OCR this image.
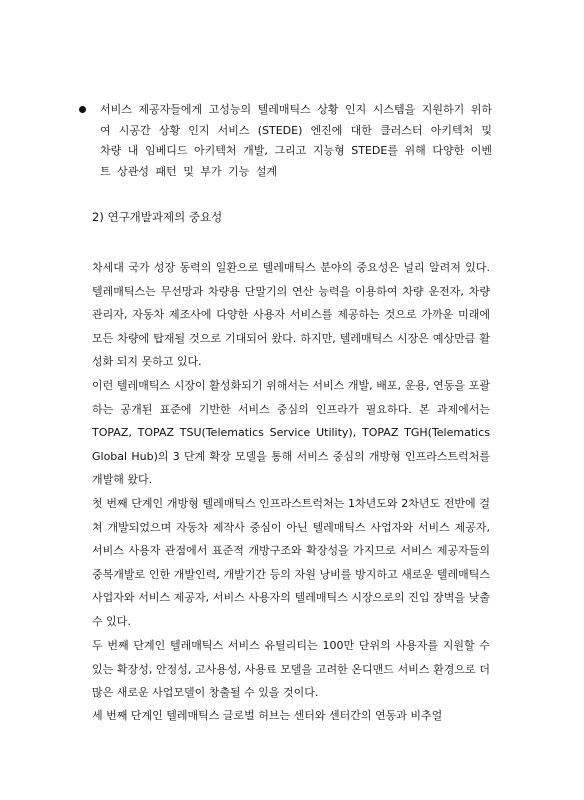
서비스 제공자들에게 고성능의 텔레매틱스 상황 인지 시스템을 지원하기 위하여 시공간 상황 인지 서비스 (STEDE) 엔진에 대한 클러스터 아키텍처 및 차량 내 임베디드 아키텍처 개발, 그리고 지능형 STEDE를 위해 다양한 이벤트 상관성 패턴 및 부가 기능 설계
2) 연구개발과제의 중요성

차세대 국가 성장 동력의 일환으로 텔레매틱스 분야의 중요성은 널리 알려져 있다. 텔레매틱스는 무선망과 차량용 단말기의 연산 능력을 이용하여 차량 운전자, 차량 관리자, 자동차 제조사에 다양한 사용자 서비스를 제공하는 것으로 가까운 미래에 모든 차량에 탑재될 것으로 기대되어 왔다. 하지만, 텔레매틱스 시장은 예상만큼 활성화 되지 못하고 있다.

이런 텔레매틱스 시장이 활성화되기 위해서는 서비스 개발, 배포, 운용, 연동을 포괄하는 공개된 표준에 기반한 서비스 중심의 인프라가 필요하다. 본 과제에서는 TOPAZ, TOPAZ TSU(Telematics Service Utility), TOPAZ TGH(Telematics Global Hub)의 3 단계 확장 모델을 통해 서비스 중심의 개방형 인프라스트럭처를 개발해 왔다.

첫 번째 단계인 개방형 텔레매틱스 인프라스트럭처는 1차년도와 2차년도 전반에 걸쳐 개발되었으며 자동차 제작사 중심이 아닌 텔레매틱스 사업자와 서비스 제공자, 서비스 사용자 관점에서 표준적 개방구조와 확장성을 가지므로 서비스 제공자들의 중복개발로 인한 개발인력, 개발기간 등의 자원 낭비를 방지하고 새로운 텔레매틱스 사업자와 서비스 제공자, 서비스 사용자의 텔레매틱스 시장으로의 진입 장벽을 낮출 수 있다.

두 번째 단계인 텔레매틱스 서비스 유틸리티는 100만 단위의 사용자를 지원할 수 있는 확장성, 안정성, 고사용성, 사용료 모델을 고려한 온디맨드 서비스 환경으로 더 많은 새로운 사업모델이 창출될 수 있을 것이다.

세 번째 단계인 텔레매틱스 글로벌 허브는 센터와 센터간의 연동과 비추얼
